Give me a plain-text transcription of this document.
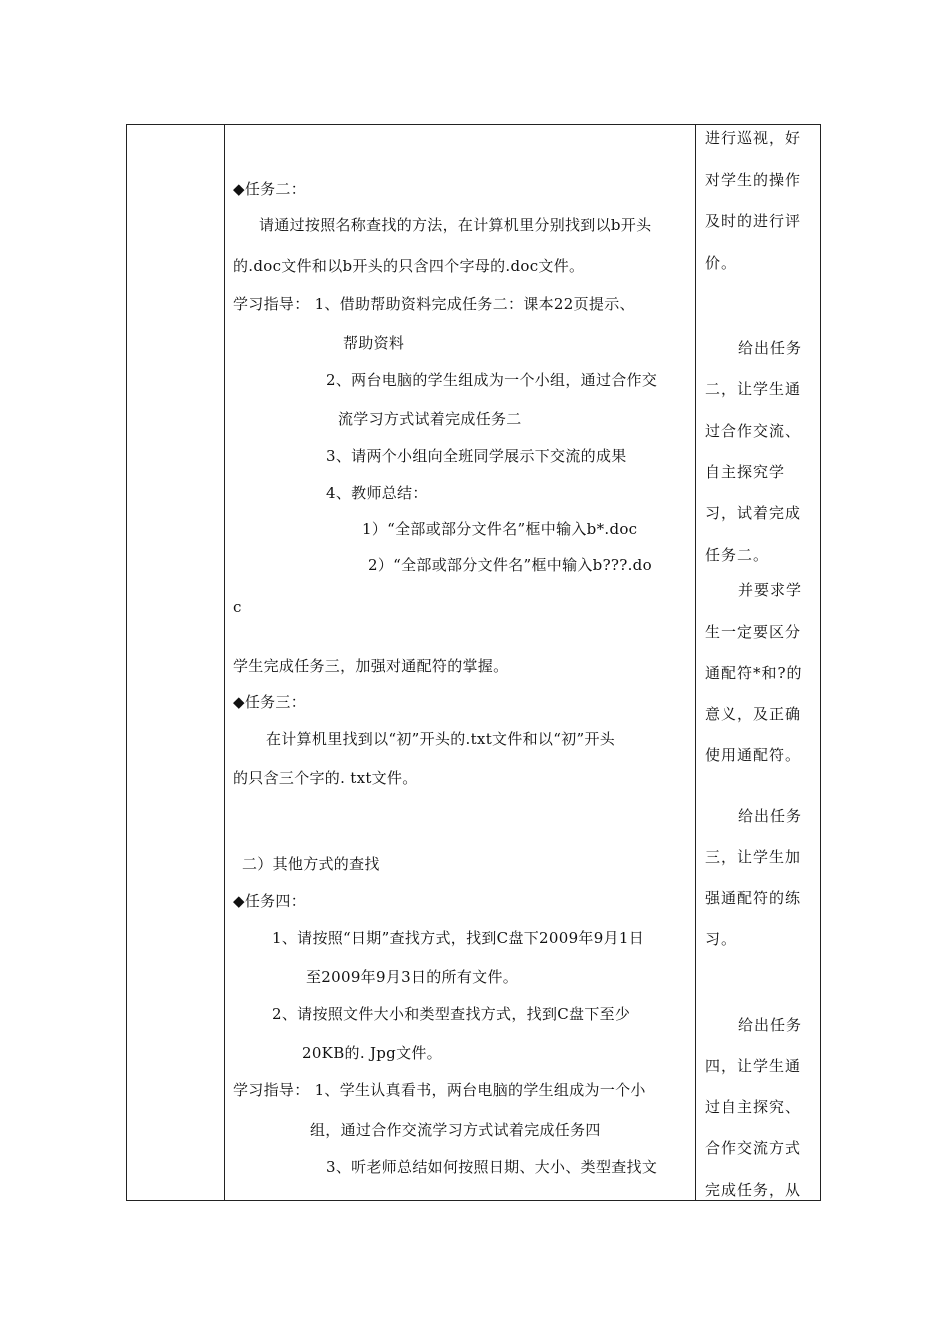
◆任务二：
请通过按照名称查找的方法，在计算机里分别找到以b开头
的.doc文件和以b开头的只含四个字母的.doc文件。
学习指导： 1、借助帮助资料完成任务二：课本22页提示、
帮助资料
2、两台电脑的学生组成为一个小组，通过合作交
流学习方式试着完成任务二
3、请两个小组向全班同学展示下交流的成果
4、教师总结：
1）“全部或部分文件名”框中输入b*.doc
2）“全部或部分文件名”框中输入b???.do
c
学生完成任务三，加强对通配符的掌握。
◆任务三：
在计算机里找到以“初”开头的.txt文件和以“初”开头
的只含三个字的. txt文件。
二）其他方式的查找
◆任务四：
1、请按照“日期”查找方式，找到C盘下2009年9月1日
至2009年9月3日的所有文件。
2、请按照文件大小和类型查找方式，找到C盘下至少
20KB的. Jpg文件。
学习指导： 1、学生认真看书，两台电脑的学生组成为一个小
组，通过合作交流学习方式试着完成任务四
3、听老师总结如何按照日期、大小、类型查找文
进行巡视，好
对学生的操作
及时的进行评
价。
给出任务
二，让学生通
过合作交流、
自主探究学
习，试着完成
任务二。
并要求学
生一定要区分
通配符*和?的
意义，及正确
使用通配符。
给出任务
三，让学生加
强通配符的练
习。
给出任务
四，让学生通
过自主探究、
合作交流方式
完成任务，从
